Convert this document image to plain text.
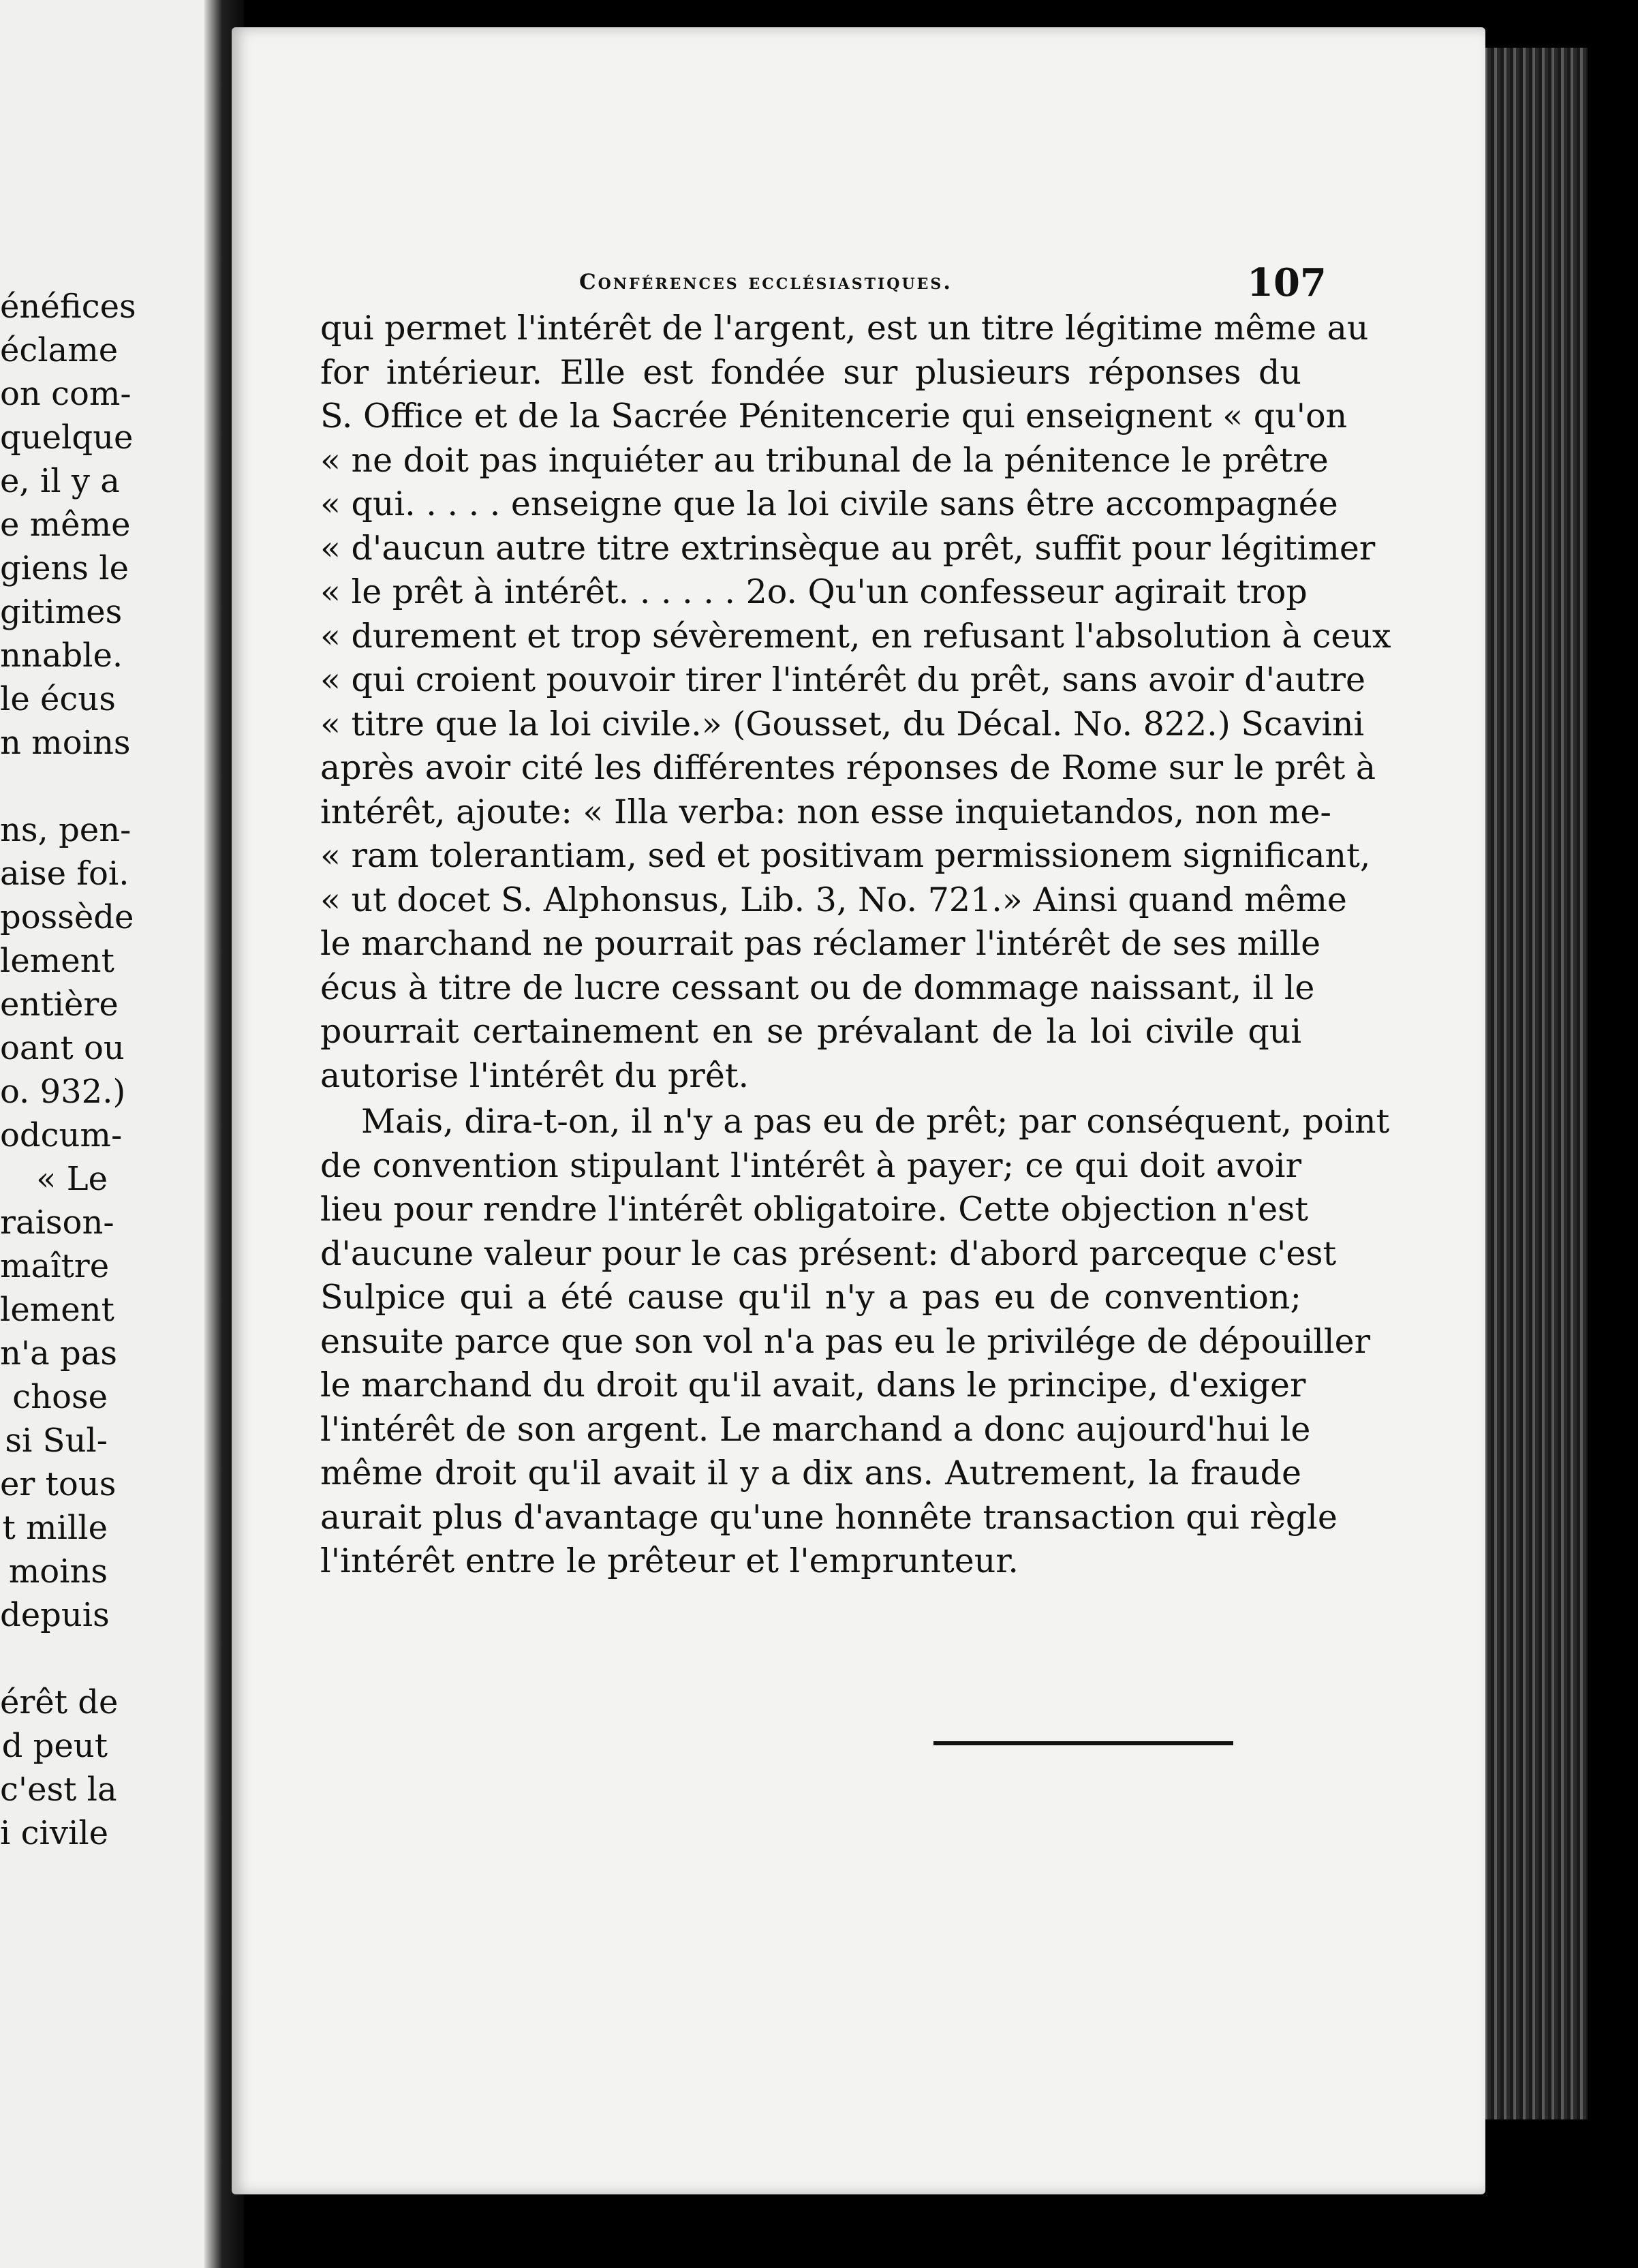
énéfices
éclame
on com-
quelque
e, il y a
e même
giens le
gitimes
nnable.
le écus
n moins
ns, pen-
aise foi.
possède
lement
entière
oant ou
o. 932.)
odcum-
« Le
raison-
maître
lement
n'a pas
chose
si Sul-
er tous
t mille
moins
depuis
érêt de
d peut
c'est la
i civile
Conférences ecclésiastiques.	107
qui permet l'intérêt de l'argent, est un titre légitime même au
for intérieur. Elle est fondée sur plusieurs réponses du
S. Office et de la Sacrée Pénitencerie qui enseignent « qu'on
« ne doit pas inquiéter au tribunal de la pénitence le prêtre
« qui. . . . . enseigne que la loi civile sans être accompagnée
« d'aucun autre titre extrinsèque au prêt, suffit pour légitimer
« le prêt à intérêt. . . . . . 2o. Qu'un confesseur agirait trop
« durement et trop sévèrement, en refusant l'absolution à ceux
« qui croient pouvoir tirer l'intérêt du prêt, sans avoir d'autre
« titre que la loi civile.» (Gousset, du Décal. No. 822.) Scavini
après avoir cité les différentes réponses de Rome sur le prêt à
intérêt, ajoute: « Illa verba: non esse inquietandos, non me-
« ram tolerantiam, sed et positivam permissionem significant,
« ut docet S. Alphonsus, Lib. 3, No. 721.» Ainsi quand même
le marchand ne pourrait pas réclamer l'intérêt de ses mille
écus à titre de lucre cessant ou de dommage naissant, il le
pourrait certainement en se prévalant de la loi civile qui
autorise l'intérêt du prêt.
Mais, dira-t-on, il n'y a pas eu de prêt; par conséquent, point
de convention stipulant l'intérêt à payer; ce qui doit avoir
lieu pour rendre l'intérêt obligatoire. Cette objection n'est
d'aucune valeur pour le cas présent: d'abord parceque c'est
Sulpice qui a été cause qu'il n'y a pas eu de convention;
ensuite parce que son vol n'a pas eu le privilége de dépouiller
le marchand du droit qu'il avait, dans le principe, d'exiger
l'intérêt de son argent. Le marchand a donc aujourd'hui le
même droit qu'il avait il y a dix ans. Autrement, la fraude
aurait plus d'avantage qu'une honnête transaction qui règle
l'intérêt entre le prêteur et l'emprunteur.
